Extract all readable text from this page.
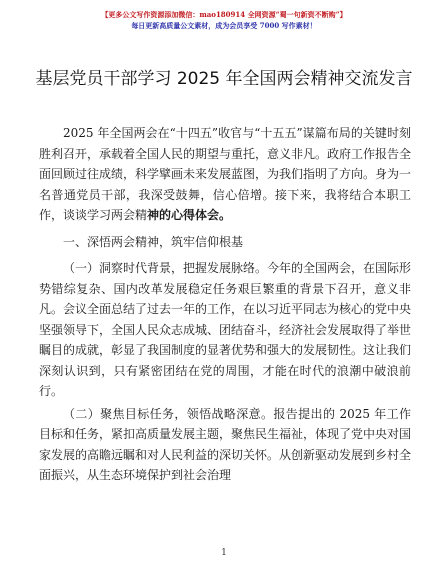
【更多公文写作资源添加微信：mao180914 全网资源“蜀一句新资不断购”】
每日更新高质量公文素材，成为会员享受 7000 写作素材！
基层党员干部学习 2025 年全国两会精神交流发言

2025 年全国两会在“十四五”收官与“十五五”谋篇布局的关键时刻胜利召开，承载着全国人民的期望与重托，意义非凡。政府工作报告全面回顾过往成绩，科学擘画未来发展蓝图，为我们指明了方向。身为一名普通党员干部，我深受鼓舞，信心倍增。接下来，我将结合本职工作，谈谈学习两会精神的心得体会。

一、深悟两会精神，筑牢信仰根基

（一）洞察时代背景，把握发展脉络。今年的全国两会，在国际形势错综复杂、国内改革发展稳定任务艰巨繁重的背景下召开，意义非凡。会议全面总结了过去一年的工作，在以习近平同志为核心的党中央坚强领导下，全国人民众志成城、团结奋斗，经济社会发展取得了举世瞩目的成就，彰显了我国制度的显著优势和强大的发展韧性。这让我们深刻认识到，只有紧密团结在党的周围，才能在时代的浪潮中破浪前行。

（二）聚焦目标任务，领悟战略深意。报告提出的 2025 年工作目标和任务，紧扣高质量发展主题，聚焦民生福祉，体现了党中央对国家发展的高瞻远瞩和对人民利益的深切关怀。从创新驱动发展到乡村全面振兴，从生态环境保护到社会治理

1
